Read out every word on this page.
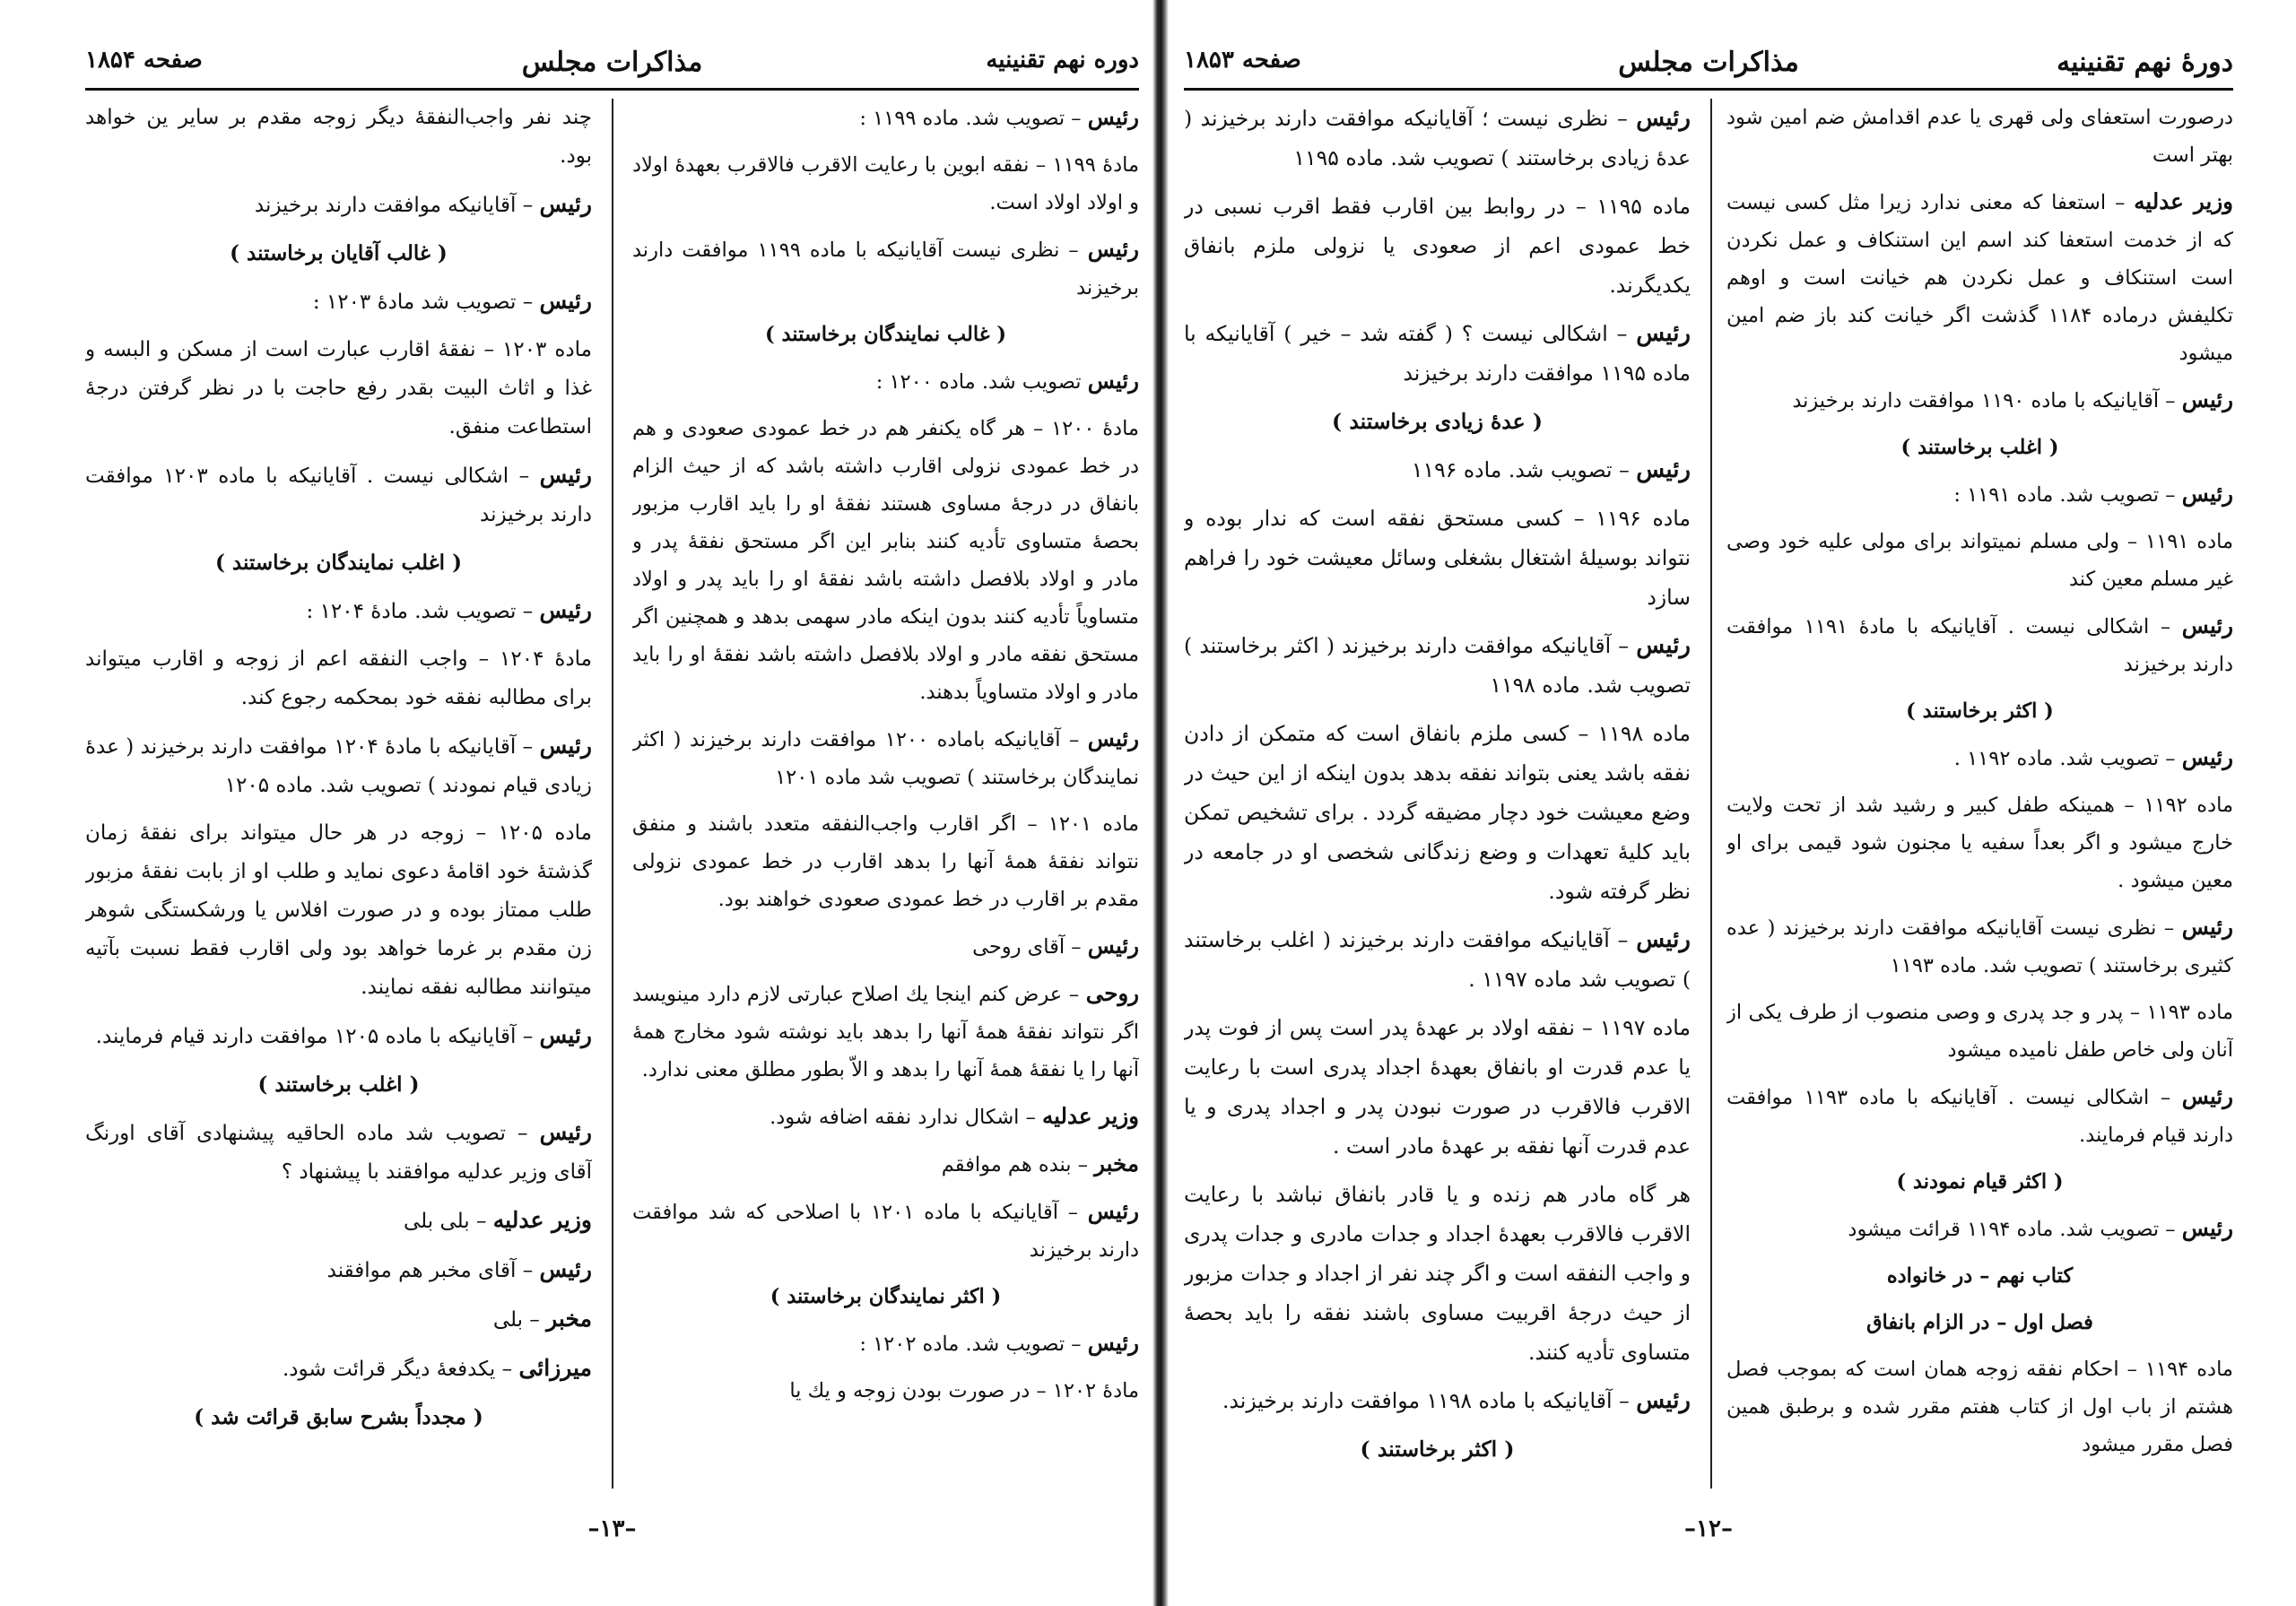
دوره نهم تقنينيه
مذاكرات مجلس
صفحه ۱۸۵۴

رئيس – تصويب شد. ماده ۱۱۹۹ :

مادهٔ ۱۱۹۹ – نفقه ابوين با رعايت الاقرب فالاقرب بعهدهٔ اولاد و اولاد اولاد است.

رئيس – نظرى نيست آقايانيكه با ماده ۱۱۹۹ موافقت دارند برخيزند

( غالب نمايندگان برخاستند )

رئيس تصويب شد. ماده ۱۲۰۰ :

مادهٔ ۱۲۰۰ – هر گاه يكنفر هم در خط عمودى صعودى و هم در خط عمودى نزولى اقارب داشته باشد كه از حيث الزام بانفاق در درجهٔ مساوى هستند نفقهٔ او را بايد اقارب مزبور بحصهٔ متساوى تأديه كنند بنابر اين اگر مستحق نفقهٔ پدر و مادر و اولاد بلافصل داشته باشد نفقهٔ او را بايد پدر و اولاد متساوياً تأديه كنند بدون اينكه مادر سهمى بدهد و همچنين اگر مستحق نفقه مادر و اولاد بلافصل داشته باشد نفقهٔ او را بايد مادر و اولاد متساوياً بدهند.

رئيس – آقايانيكه باماده ۱۲۰۰ موافقت دارند برخيزند ( اكثر نمايندگان برخاستند ) تصويب شد ماده ۱۲۰۱

ماده ۱۲۰۱ – اگر اقارب واجب‌النفقه متعدد باشند و منفق نتواند نفقهٔ همهٔ آنها را بدهد اقارب در خط عمودى نزولى مقدم بر اقارب در خط عمودى صعودى خواهند بود.

رئيس – آقاى روحى

روحى – عرض كنم اينجا يك اصلاح عبارتى لازم دارد مينويسد اگر نتواند نفقهٔ همهٔ آنها را بدهد بايد نوشته شود مخارج همهٔ آنها را يا نفقهٔ همهٔ آنها را بدهد و الاّ بطور مطلق معنى ندارد.

وزير عدليه – اشكال ندارد نفقه اضافه شود.

مخبر – بنده هم موافقم

رئيس – آقايانيكه با ماده ۱۲۰۱ با اصلاحى كه شد موافقت دارند برخيزند

( اكثر نمايندگان برخاستند )

رئيس – تصويب شد. ماده ۱۲۰۲ :

مادهٔ ۱۲۰۲ – در صورت بودن زوجه و يك يا

چند نفر واجب‌النفقهٔ ديگر زوجه مقدم بر ساير ين خواهد بود.

رئيس – آقايانيكه موافقت دارند برخيزند

( غالب آقايان برخاستند )

رئيس – تصويب شد مادهٔ ۱۲۰۳ :

ماده ۱۲۰۳ – نفقهٔ اقارب عبارت است از مسكن و البسه و غذا و اثاث البيت بقدر رفع حاجت با در نظر گرفتن درجهٔ استطاعت منفق.

رئيس – اشكالى نيست . آقايانيكه با ماده ۱۲۰۳ موافقت دارند برخيزند

( اغلب نمايندگان برخاستند )

رئيس – تصويب شد. مادهٔ ۱۲۰۴ :

مادهٔ ۱۲۰۴ – واجب النفقه اعم از زوجه و اقارب ميتواند براى مطالبه نفقه خود بمحكمه رجوع كند.

رئيس – آقايانيكه با مادهٔ ۱۲۰۴ موافقت دارند برخيزند ( عدهٔ زيادى قيام نمودند ) تصويب شد. ماده ۱۲۰۵

ماده ۱۲۰۵ – زوجه در هر حال ميتواند براى نفقهٔ زمان گذشتهٔ خود اقامهٔ دعوى نمايد و طلب او از بابت نفقهٔ مزبور طلب ممتاز بوده و در صورت افلاس يا ورشكستگى شوهر زن مقدم بر غرما خواهد بود ولى اقارب فقط نسبت بآتيه ميتوانند مطالبه نفقه نمايند.

رئيس – آقايانيكه با ماده ۱۲۰۵ موافقت دارند قيام فرمايند.

( اغلب برخاستند )

رئيس – تصويب شد ماده الحاقيه پيشنهادى آقاى اورنگ آقاى وزير عدليه موافقند با پيشنهاد ؟

وزير عدليه – بلى بلى

رئيس – آقاى مخبر هم موافقند

مخبر – بلى

ميرزائى – يكدفعهٔ ديگر قرائت شود.

( مجدداً بشرح سابق قرائت شد )

–۱۳–
دورهٔ نهم تقنينيه
مذاكرات مجلس
صفحه ۱۸۵۳

درصورت استعفاى ولى قهرى يا عدم اقدامش ضم امين شود بهتر است

وزير عدليه – استعفا كه معنى ندارد زيرا مثل كسى نيست كه از خدمت استعفا كند اسم اين استنكاف و عمل نكردن است استنكاف و عمل نكردن هم خيانت است و اوهم تكليفش درماده ۱۱۸۴ گذشت اگر خيانت كند باز ضم امين ميشود

رئيس – آقايانيكه با ماده ۱۱۹۰ موافقت دارند برخيزند

( اغلب برخاستند )

رئيس – تصويب شد. ماده ۱۱۹۱ :

ماده ۱۱۹۱ – ولى مسلم نميتواند براى مولى عليه خود وصى غير مسلم معين كند

رئيس – اشكالى نيست . آقايانيكه با مادهٔ ۱۱۹۱ موافقت دارند برخيزند

( اكثر برخاستند )

رئيس – تصويب شد. ماده ۱۱۹۲ .

ماده ۱۱۹۲ – همينكه طفل كبير و رشيد شد از تحت ولايت خارج ميشود و اگر بعداً سفيه يا مجنون شود قيمى براى او معين ميشود .

رئيس – نظرى نيست آقايانيكه موافقت دارند برخيزند ( عده كثيرى برخاستند ) تصويب شد. ماده ۱۱۹۳

ماده ۱۱۹۳ – پدر و جد پدرى و وصى منصوب از طرف يكى از آنان ولى خاص طفل ناميده ميشود

رئيس – اشكالى نيست . آقايانيكه با ماده ۱۱۹۳ موافقت دارند قيام فرمايند.

( اكثر قيام نمودند )

رئيس – تصويب شد. ماده ۱۱۹۴ قرائت ميشود

كتاب نهم – در خانواده

فصل اول – در الزام بانفاق

ماده ۱۱۹۴ – احكام نفقه زوجه همان است كه بموجب فصل هشتم از باب اول از كتاب هفتم مقرر شده و برطبق همين فصل مقرر ميشود

رئيس – نظرى نيست ؛ آقايانيكه موافقت دارند برخيزند ( عدهٔ زيادى برخاستند ) تصويب شد. ماده ۱۱۹۵

ماده ۱۱۹۵ – در روابط بين اقارب فقط اقرب نسبى در خط عمودى اعم از صعودى يا نزولى ملزم بانفاق يكديگرند.

رئيس – اشكالى نيست ؟ ( گفته شد – خير ) آقايانيكه با ماده ۱۱۹۵ موافقت دارند برخيزند

( عدهٔ زيادى برخاستند )

رئيس – تصويب شد. ماده ۱۱۹۶

ماده ۱۱۹۶ – كسى مستحق نفقه است كه ندار بوده و نتواند بوسيلهٔ اشتغال بشغلى وسائل معيشت خود را فراهم سازد

رئيس – آقايانيكه موافقت دارند برخيزند ( اكثر برخاستند ) تصويب شد. ماده ۱۱۹۸

ماده ۱۱۹۸ – كسى ملزم بانفاق است كه متمكن از دادن نفقه باشد يعنى بتواند نفقه بدهد بدون اينكه از اين حيث در وضع معيشت خود دچار مضيقه گردد . براى تشخيص تمكن بايد كليهٔ تعهدات و وضع زندگانى شخصى او در جامعه در نظر گرفته شود.

رئيس – آقايانيكه موافقت دارند برخيزند ( اغلب برخاستند ) تصويب شد ماده ۱۱۹۷ .

ماده ۱۱۹۷ – نفقه اولاد بر عهدهٔ پدر است پس از فوت پدر يا عدم قدرت او بانفاق بعهدهٔ اجداد پدرى است با رعايت الاقرب فالاقرب در صورت نبودن پدر و اجداد پدرى و يا عدم قدرت آنها نفقه بر عهدهٔ مادر است .

هر گاه مادر هم زنده و يا قادر بانفاق نباشد با رعايت الاقرب فالاقرب بعهدهٔ اجداد و جدات مادرى و جدات پدرى و واجب النفقه است و اگر چند نفر از اجداد و جدات مزبور از حيث درجهٔ اقربيت مساوى باشند نفقه را بايد بحصهٔ متساوى تأديه كنند.

رئيس – آقايانيكه با ماده ۱۱۹۸ موافقت دارند برخيزند.

( اكثر برخاستند )

–۱۲–
